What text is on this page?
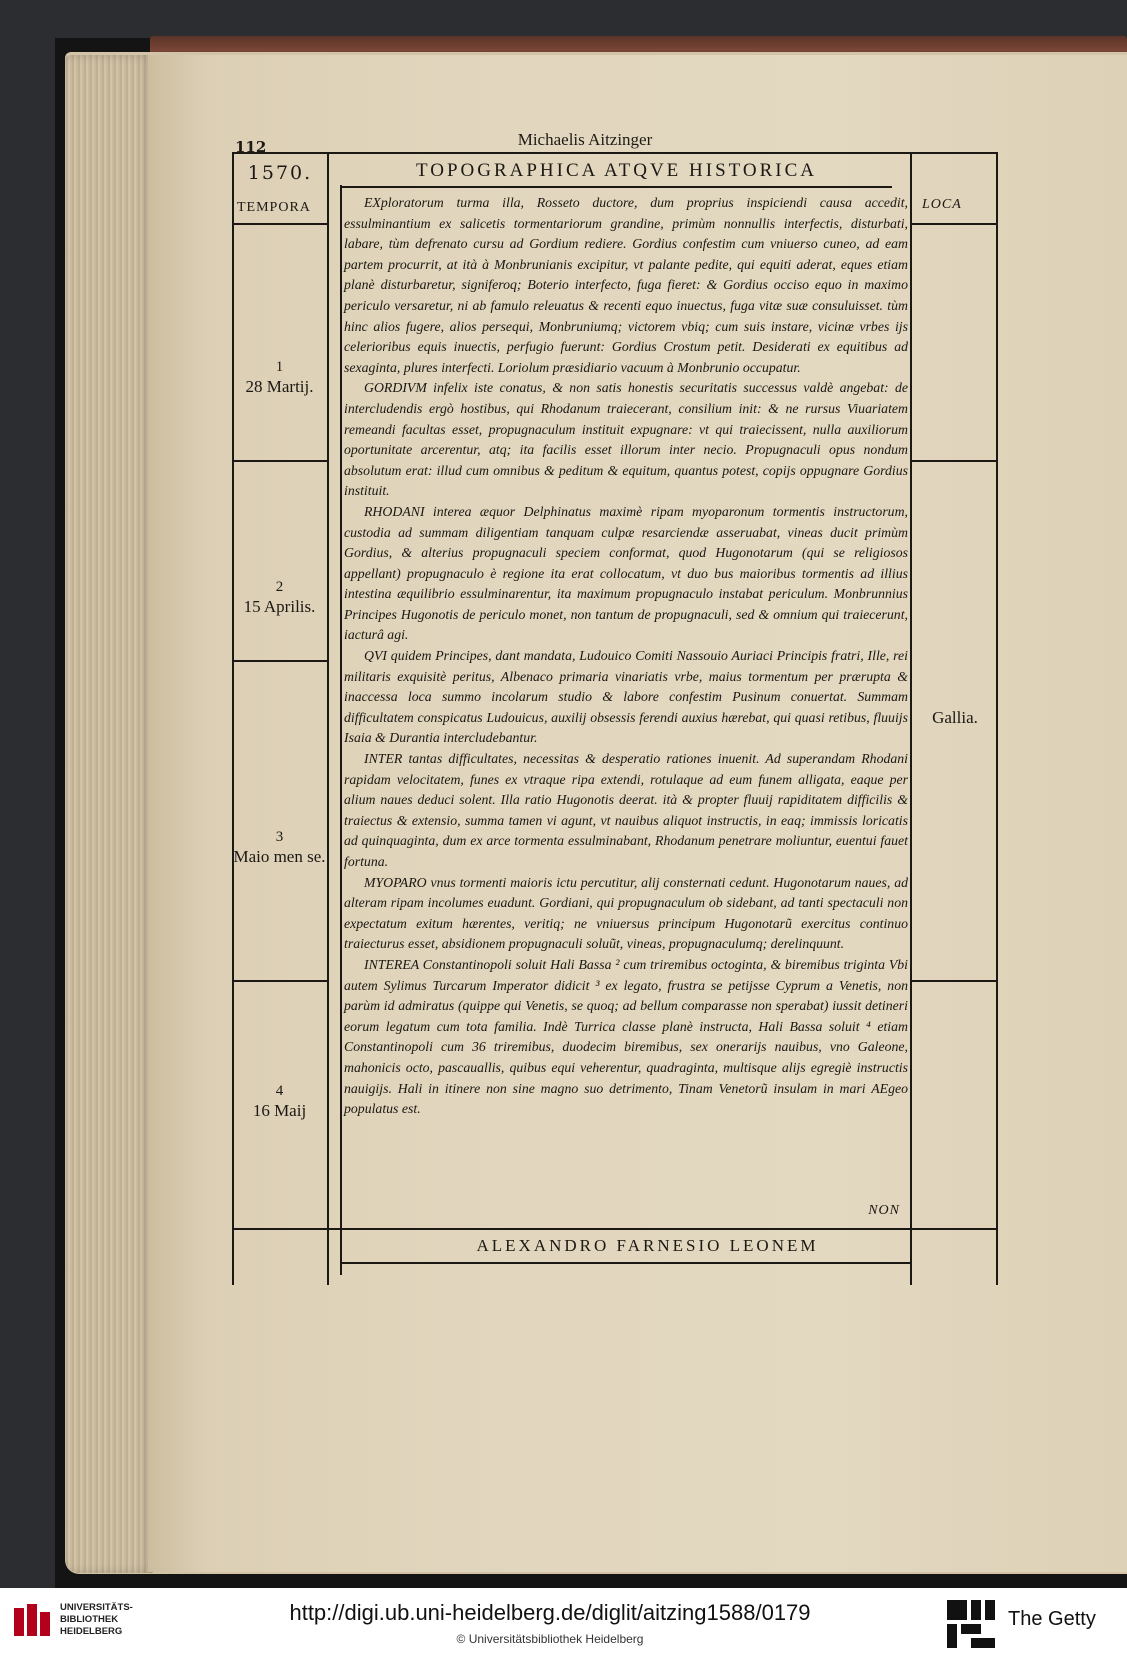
112	Michaelis Aitzinger
1570.
TEMPORA	LOCA
TOPOGRAPHICA ATQVE HISTORICA
1
28 Martij.
2
15 Aprilis.
3
Maio men se.
4
16 Maij
Gallia.

EXploratorum turma illa, Rosseto ductore, dum proprius inspiciendi causa accedit, essulminantium ex salicetis tormentariorum grandine, primùm nonnullis interfectis, disturbati, labare, tùm defrenato cursu ad Gordium rediere. Gordius confestim cum vniuerso cuneo, ad eam partem procurrit, at ità à Monbrunianis excipitur, vt palante pedite, qui equiti aderat, eques etiam planè disturbaretur, signiferoq; Boterio interfecto, fuga fieret: & Gordius occiso equo in maximo periculo versaretur, ni ab famulo releuatus & recenti equo inuectus, fuga vitæ suæ consuluisset. tùm hinc alios fugere, alios persequi, Monbruniumq; victorem vbiq; cum suis instare, vicinæ vrbes ijs celerioribus equis inuectis, perfugio fuerunt: Gordius Crostum petit. Desiderati ex equitibus ad sexaginta, plures interfecti. Loriolum præsidiario vacuum à Monbrunio occupatur.

GORDIVM infelix iste conatus, & non satis honestis securitatis successus valdè angebat: de intercludendis ergò hostibus, qui Rhodanum traiecerant, consilium init: & ne rursus Viuariatem remeandi facultas esset, propugnaculum instituit expugnare: vt qui traiecissent, nulla auxiliorum oportunitate arcerentur, atq; ita facilis esset illorum inter necio. Propugnaculi opus nondum absolutum erat: illud cum omnibus & peditum & equitum, quantus potest, copijs oppugnare Gordius instituit.

RHODANI interea æquor Delphinatus maximè ripam myoparonum tormentis instructorum, custodia ad summam diligentiam tanquam culpæ resarciendæ asseruabat, vineas ducit primùm Gordius, & alterius propugnaculi speciem conformat, quod Hugonotarum (qui se religiosos appellant) propugnaculo è regione ita erat collocatum, vt duo bus maioribus tormentis ad illius intestina æquilibrio essulminarentur, ita maximum propugnaculo instabat periculum. Monbrunnius Principes Hugonotis de periculo monet, non tantum de propugnaculi, sed & omnium qui traiecerunt, iacturâ agi.

QVI quidem Principes, dant mandata, Ludouico Comiti Nassouio Auriaci Principis fratri, Ille, rei militaris exquisitè peritus, Albenaco primaria vinariatis vrbe, maius tormentum per prærupta & inaccessa loca summo incolarum studio & labore confestim Pusinum conuertat. Summam difficultatem conspicatus Ludouicus, auxilij obsessis ferendi auxius hærebat, qui quasi retibus, fluuijs Isaia & Durantia intercludebantur.

INTER tantas difficultates, necessitas & desperatio rationes inuenit. Ad superandam Rhodani rapidam velocitatem, funes ex vtraque ripa extendi, rotulaque ad eum funem alligata, eaque per alium naues deduci solent. Illa ratio Hugonotis deerat. ità & propter fluuij rapiditatem difficilis & traiectus & extensio, summa tamen vi agunt, vt nauibus aliquot instructis, in eaq; immissis loricatis ad quinquaginta, dum ex arce tormenta essulminabant, Rhodanum penetrare moliuntur, euentui fauet fortuna.

MYOPARO vnus tormenti maioris ictu percutitur, alij consternati cedunt. Hugonotarum naues, ad alteram ripam incolumes euadunt. Gordiani, qui propugnaculum ob sidebant, ad tanti spectaculi non expectatum exitum hærentes, veritiq; ne vniuersus principum Hugonotarũ exercitus continuo traiecturus esset, absidionem propugnaculi soluũt, vineas, propugnaculumq; derelinquunt.

INTEREA Constantinopoli soluit Hali Bassa ² cum triremibus octoginta, & biremibus triginta Vbi autem Sylimus Turcarum Imperator didicit ³ ex legato, frustra se petijsse Cyprum a Venetis, non parùm id admiratus (quippe qui Venetis, se quoq; ad bellum comparasse non sperabat) iussit detineri eorum legatum cum tota familia. Indè Turrica classe planè instructa, Hali Bassa soluit ⁴ etiam Constantinopoli cum 36 triremibus, duodecim biremibus, sex onerarijs nauibus, vno Galeone, mahonicis octo, pascauallis, quibus equi veherentur, quadraginta, multisque alijs egregiè instructis nauigijs. Hali in itinere non sine magno suo detrimento, Tinam Venetorũ insulam in mari AEgeo populatus est.

NON
ALEXANDRO FARNESIO LEONEM
UNIVERSITÄTS-
BIBLIOTHEK
HEIDELBERG
http://digi.ub.uni-heidelberg.de/diglit/aitzing1588/0179
© Universitätsbibliothek Heidelberg
The Getty
